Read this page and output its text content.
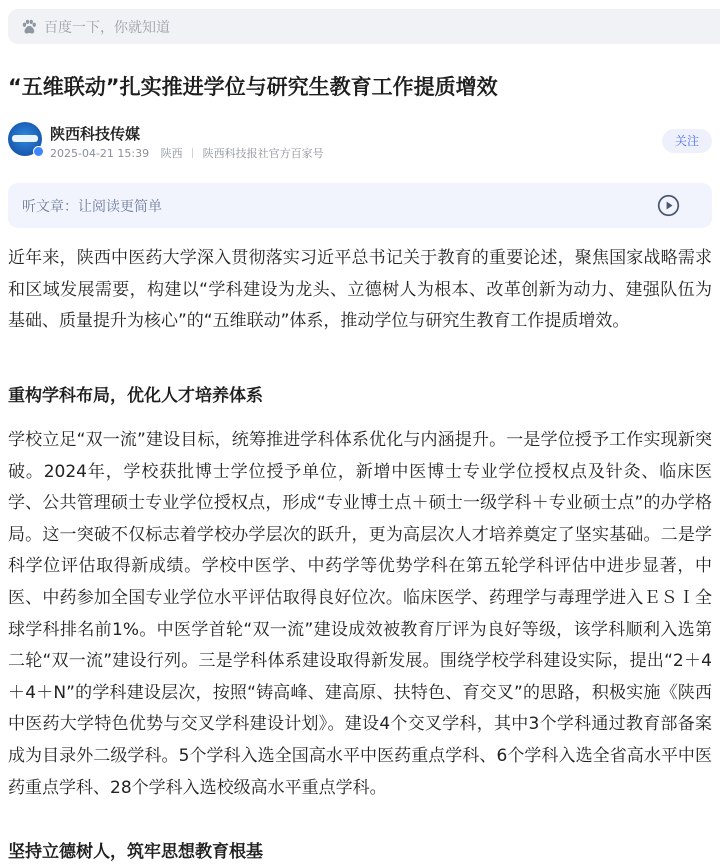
百度一下，你就知道
“五维联动”扎实推进学位与研究生教育工作提质增效
陕西科技传媒
2025-04-21 15:39 陕西 陕西科技报社官方百家号
关注
听文章：让阅读更简单

近年来，陕西中医药大学深入贯彻落实习近平总书记关于教育的重要论述，聚焦国家战略需求和区域发展需要，构建以“学科建设为龙头、立德树人为根本、改革创新为动力、建强队伍为基础、质量提升为核心”的“五维联动”体系，推动学位与研究生教育工作提质增效。

重构学科布局，优化人才培养体系

学校立足“双一流”建设目标，统筹推进学科体系优化与内涵提升。一是学位授予工作实现新突破。2024年，学校获批博士学位授予单位，新增中医博士专业学位授权点及针灸、临床医学、公共管理硕士专业学位授权点，形成“专业博士点＋硕士一级学科＋专业硕士点”的办学格局。这一突破不仅标志着学校办学层次的跃升，更为高层次人才培养奠定了坚实基础。二是学科学位评估取得新成绩。学校中医学、中药学等优势学科在第五轮学科评估中进步显著，中医、中药参加全国专业学位水平评估取得良好位次。临床医学、药理学与毒理学进入ＥＳＩ全球学科排名前1%。中医学首轮“双一流”建设成效被教育厅评为良好等级，该学科顺利入选第二轮“双一流”建设行列。三是学科体系建设取得新发展。围绕学校学科建设实际，提出“2＋4＋4＋N”的学科建设层次，按照“铸高峰、建高原、扶特色、育交叉”的思路，积极实施《陕西中医药大学特色优势与交叉学科建设计划》。建设4个交叉学科，其中3个学科通过教育部备案成为目录外二级学科。5个学科入选全国高水平中医药重点学科、6个学科入选全省高水平中医药重点学科、28个学科入选校级高水平重点学科。

坚持立德树人，筑牢思想教育根基
